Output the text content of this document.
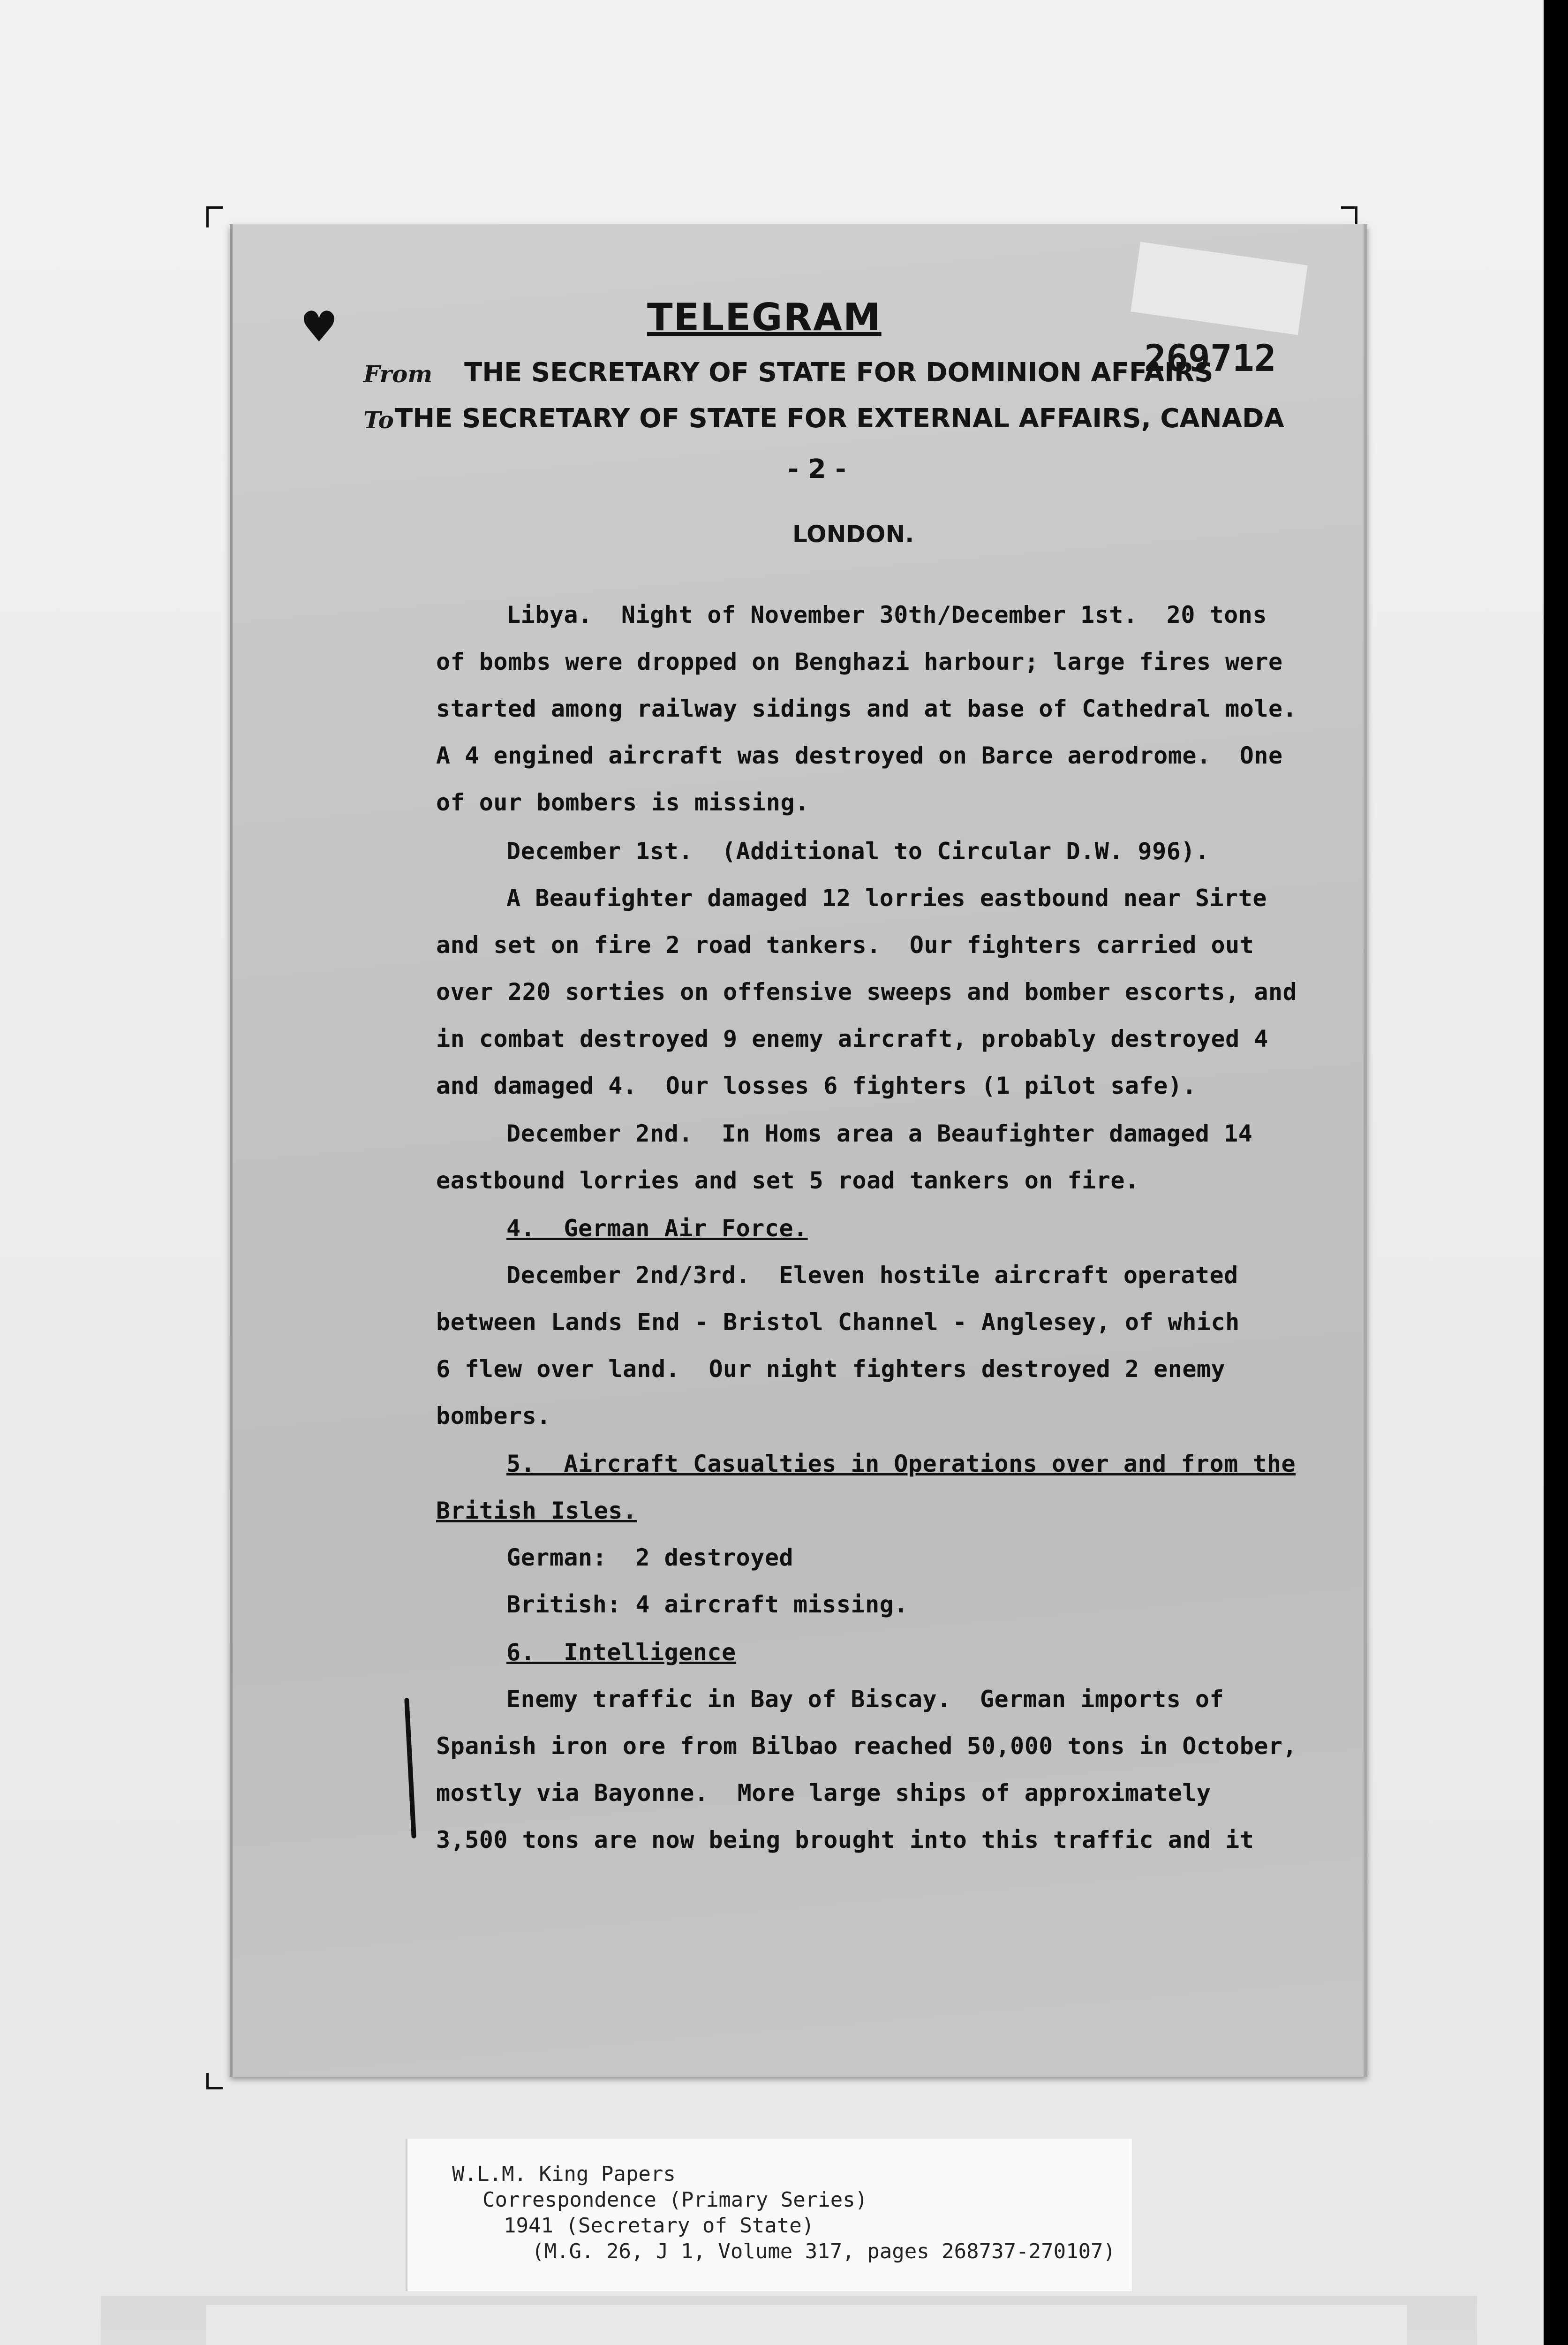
♥	TELEGRAM
269712
From THE SECRETARY OF STATE FOR DOMINION AFFAIRS
To THE SECRETARY OF STATE FOR EXTERNAL AFFAIRS, CANADA
- 2 -
LONDON.
Libya.  Night of November 30th/December 1st.  20 tons
of bombs were dropped on Benghazi harbour; large fires were
started among railway sidings and at base of Cathedral mole.
A 4 engined aircraft was destroyed on Barce aerodrome.  One
of our bombers is missing.
December 1st.  (Additional to Circular D.W. 996).
A Beaufighter damaged 12 lorries eastbound near Sirte
and set on fire 2 road tankers.  Our fighters carried out
over 220 sorties on offensive sweeps and bomber escorts, and
in combat destroyed 9 enemy aircraft, probably destroyed 4
and damaged 4.  Our losses 6 fighters (1 pilot safe).
December 2nd.  In Homs area a Beaufighter damaged 14
eastbound lorries and set 5 road tankers on fire.
4.  German Air Force.
December 2nd/3rd.  Eleven hostile aircraft operated
between Lands End - Bristol Channel - Anglesey, of which
6 flew over land.  Our night fighters destroyed 2 enemy
bombers.
5.  Aircraft Casualties in Operations over and from the
British Isles.
German:  2 destroyed
British: 4 aircraft missing.
6.  Intelligence
Enemy traffic in Bay of Biscay.  German imports of
Spanish iron ore from Bilbao reached 50,000 tons in October,
mostly via Bayonne.  More large ships of approximately
3,500 tons are now being brought into this traffic and it
W.L.M. King Papers
Correspondence (Primary Series)
1941 (Secretary of State)
(M.G. 26, J 1, Volume 317, pages 268737-270107)
